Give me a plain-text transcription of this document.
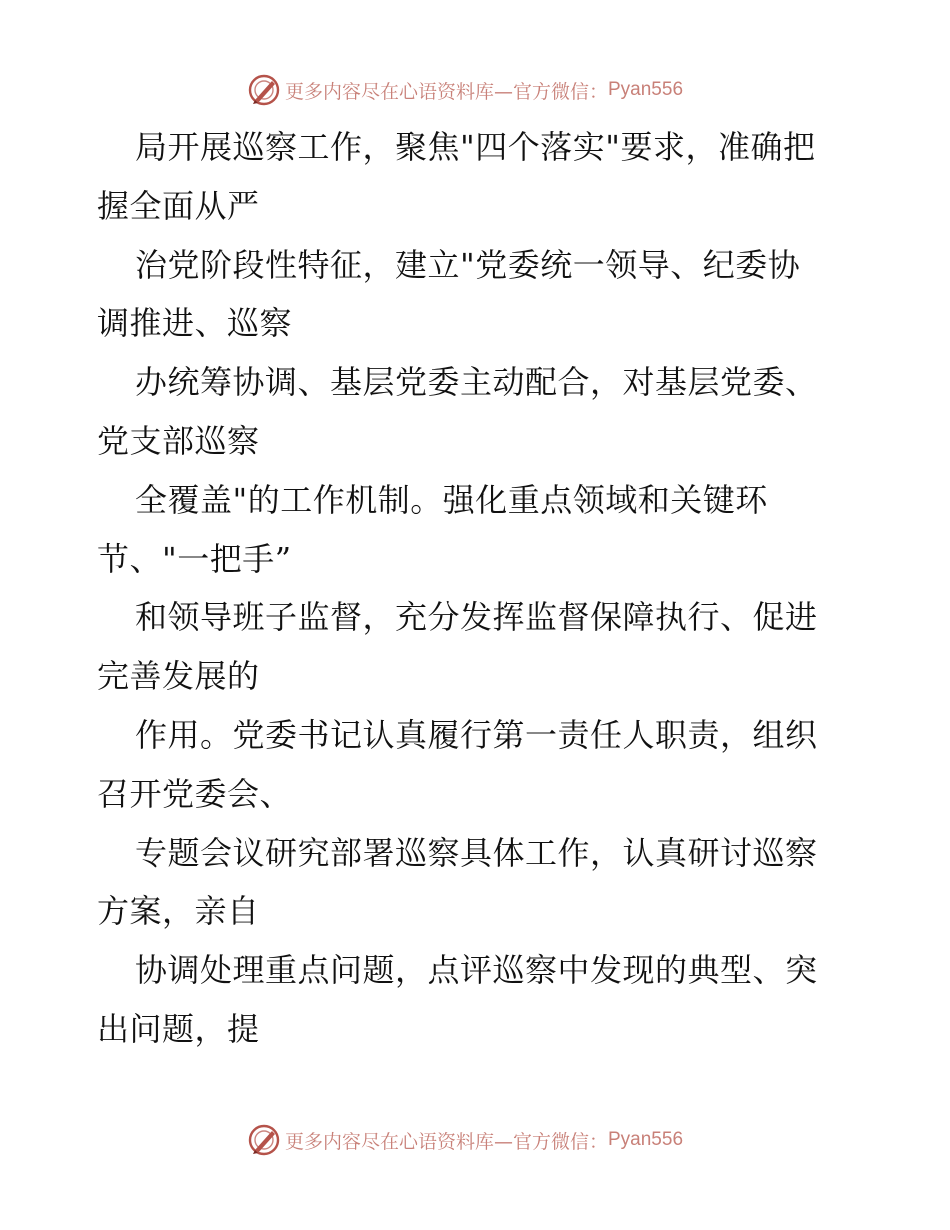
更多内容尽在心语资料库—官方微信： Pyan556
局开展巡察工作，聚焦"四个落实"要求，准确把
握全面从严
治党阶段性特征，建立"党委统一领导、纪委协
调推进、巡察
办统筹协调、基层党委主动配合，对基层党委、
党支部巡察
全覆盖"的工作机制。强化重点领域和关键环
节、"一把手”
和领导班子监督，充分发挥监督保障执行、促进
完善发展的
作用。党委书记认真履行第一责任人职责，组织
召开党委会、
专题会议研究部署巡察具体工作，认真研讨巡察
方案，亲自
协调处理重点问题，点评巡察中发现的典型、突
出问题，提
更多内容尽在心语资料库—官方微信： Pyan556
